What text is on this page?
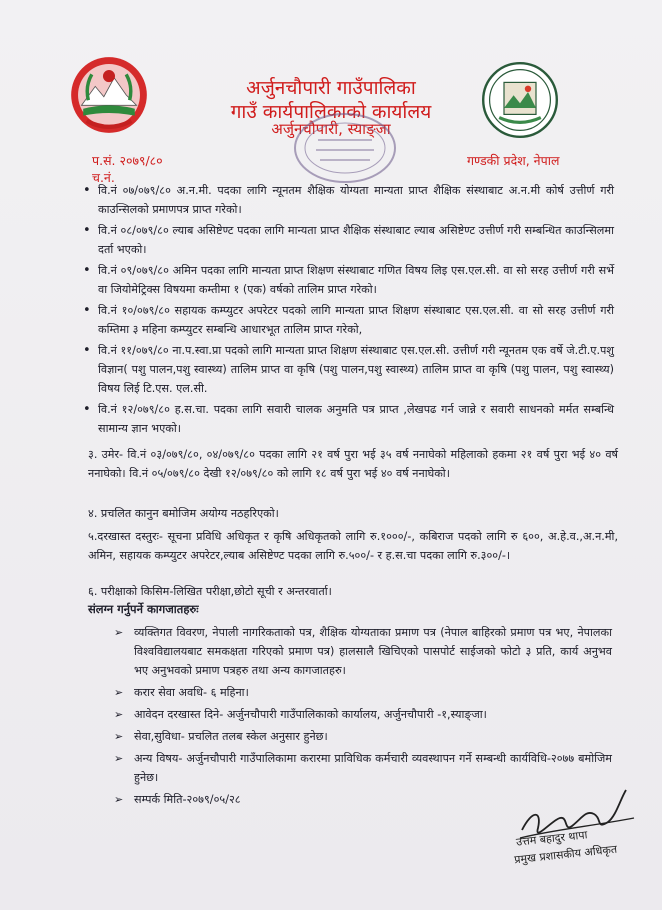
अर्जुनचौपारी गाउँपालिका
गाउँ कार्यपालिकाको कार्यालय
अर्जुनचौपारी, स्याङ्जा
प.सं. २०७९/८०
च.नं.
गण्डकी प्रदेश, नेपाल
• वि.नं ०७/०७९/८० अ.न.मी. पदका लागि न्यूनतम शैक्षिक योग्यता मान्यता प्राप्त शैक्षिक संस्थाबाट अ.न.मी कोर्ष उत्तीर्ण गरी काउन्सिलको प्रमाणपत्र प्राप्त गरेको।
• वि.नं ०८/०७९/८० ल्याब असिष्टेण्ट पदका लागि मान्यता प्राप्त शैक्षिक संस्थाबाट ल्याब असिष्टेण्ट उत्तीर्ण गरी सम्बन्धित काउन्सिलमा दर्ता भएको।
• वि.नं ०९/०७९/८० अमिन पदका लागि मान्यता प्राप्त शिक्षण संस्थाबाट गणित विषय लिइ एस.एल.सी. वा सो सरह उत्तीर्ण गरी सर्भे वा जियोमेट्रिक्स विषयमा कम्तीमा १ (एक) वर्षको तालिम प्राप्त गरेको।
• वि.नं १०/०७९/८० सहायक कम्प्युटर अपरेटर पदको लागि मान्यता प्राप्त शिक्षण संस्थाबाट एस.एल.सी. वा सो सरह उत्तीर्ण गरी कम्तिमा ३ महिना कम्प्युटर सम्बन्धि आधारभूत तालिम प्राप्त गरेको,
• वि.नं ११/०७९/८० ना.प.स्वा.प्रा पदको लागि मान्यता प्राप्त शिक्षण संस्थाबाट एस.एल.सी. उत्तीर्ण गरी न्यूनतम एक वर्षे जे.टी.ए.पशु विज्ञान( पशु पालन,पशु स्वास्थ्य) तालिम प्राप्त वा कृषि (पशु पालन,पशु स्वास्थ्य) तालिम प्राप्त वा कृषि (पशु पालन, पशु स्वास्थ्य) विषय लिई टि.एस. एल.सी.
• वि.नं १२/०७९/८० ह.स.चा. पदका लागि सवारी चालक अनुमति पत्र प्राप्त ,लेखपढ गर्न जान्ने र सवारी साधनको मर्मत सम्बन्धि सामान्य ज्ञान भएको।

३. उमेर- वि.नं ०३/०७९/८०, ०४/०७९/८० पदका लागि २१ वर्ष पुरा भई ३५ वर्ष ननाघेको महिलाको हकमा २१ वर्ष पुरा भई ४० वर्ष ननाघेको। वि.नं ०५/०७९/८० देखी १२/०७९/८० को लागि १८ वर्ष पुरा भई ४० वर्ष ननाघेको।

४. प्रचलित कानुन बमोजिम अयोग्य नठहरिएको।

५.दरखास्त दस्तुरः- सूचना प्रविधि अधिकृत र कृषि अधिकृतको लागि रु.१०००/-, कबिराज पदको लागि रु ६००, अ.हे.व.,अ.न.मी, अमिन, सहायक कम्प्युटर अपरेटर,ल्याब असिष्टेण्ट पदका लागि रु.५००/- र ह.स.चा पदका लागि रु.३००/-।

६. परीक्षाको किसिम-लिखित परीक्षा,छोटो सूची र अन्तरवार्ता।

संलग्न गर्नुपर्ने कागजातहरुः
➢ व्यक्तिगत विवरण, नेपाली नागरिकताको पत्र, शैक्षिक योग्यताका प्रमाण पत्र (नेपाल बाहिरको प्रमाण पत्र भए, नेपालका विश्वविद्यालयबाट समकक्षता गरिएको प्रमाण पत्र) हालसालै खिचिएको पासपोर्ट साईजको फोटो ३ प्रति, कार्य अनुभव भए अनुभवको प्रमाण पत्रहरु तथा अन्य कागजातहरु।
➢ करार सेवा अवधि- ६ महिना।
➢ आवेदन दरखास्त दिने- अर्जुनचौपारी गाउँपालिकाको कार्यालय, अर्जुनचौपारी -१,स्याङ्जा।
➢ सेवा,सुविधा- प्रचलित तलब स्केल अनुसार हुनेछ।
➢ अन्य विषय- अर्जुनचौपारी गाउँपालिकामा करारमा प्राविधिक कर्मचारी व्यवस्थापन गर्ने सम्बन्धी कार्यविधि-२०७७ बमोजिम हुनेछ।
➢ सम्पर्क मिति-२०७९/०५/२८
उत्तम बहादुर थापा
प्रमुख प्रशासकीय अधिकृत
